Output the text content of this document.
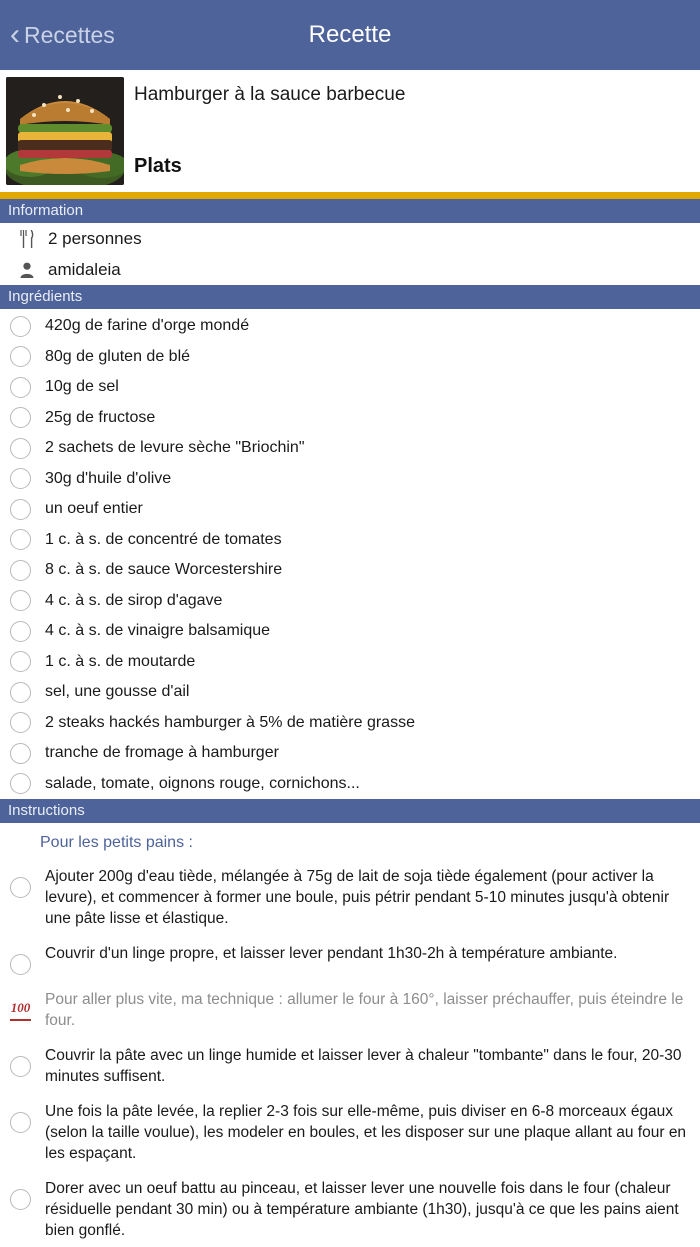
‹ Recettes	Recette
Hamburger à la sauce barbecue
Plats
Information
2 personnes
amidaleia
Ingrédients
420g de farine d'orge mondé
80g de gluten de blé
10g de sel
25g de fructose
2 sachets de levure sèche "Briochin"
30g d'huile d'olive
un oeuf entier
1 c. à s. de concentré de tomates
8 c. à s. de sauce Worcestershire
4 c. à s. de sirop d'agave
4 c. à s. de vinaigre balsamique
1 c. à s. de moutarde
sel, une gousse d'ail
2 steaks hackés hamburger à 5% de matière grasse
tranche de fromage à hamburger
salade, tomate, oignons rouge, cornichons...
Instructions
Pour les petits pains :
Ajouter 200g d'eau tiède, mélangée à 75g de lait de soja tiède également (pour activer la levure), et commencer à former une boule, puis pétrir pendant 5-10 minutes jusqu'à obtenir une pâte lisse et élastique.
Couvrir d'un linge propre, et laisser lever pendant 1h30-2h à température ambiante.
100 Pour aller plus vite, ma technique : allumer le four à 160°, laisser préchauffer, puis éteindre le four.
Couvrir la pâte avec un linge humide et laisser lever à chaleur "tombante" dans le four, 20-30 minutes suffisent.
Une fois la pâte levée, la replier 2-3 fois sur elle-même, puis diviser en 6-8 morceaux égaux (selon la taille voulue), les modeler en boules, et les disposer sur une plaque allant au four en les espaçant.
Dorer avec un oeuf battu au pinceau, et laisser lever une nouvelle fois dans le four (chaleur résiduelle pendant 30 min) ou à température ambiante (1h30), jusqu'à ce que les pains aient bien gonflé.
